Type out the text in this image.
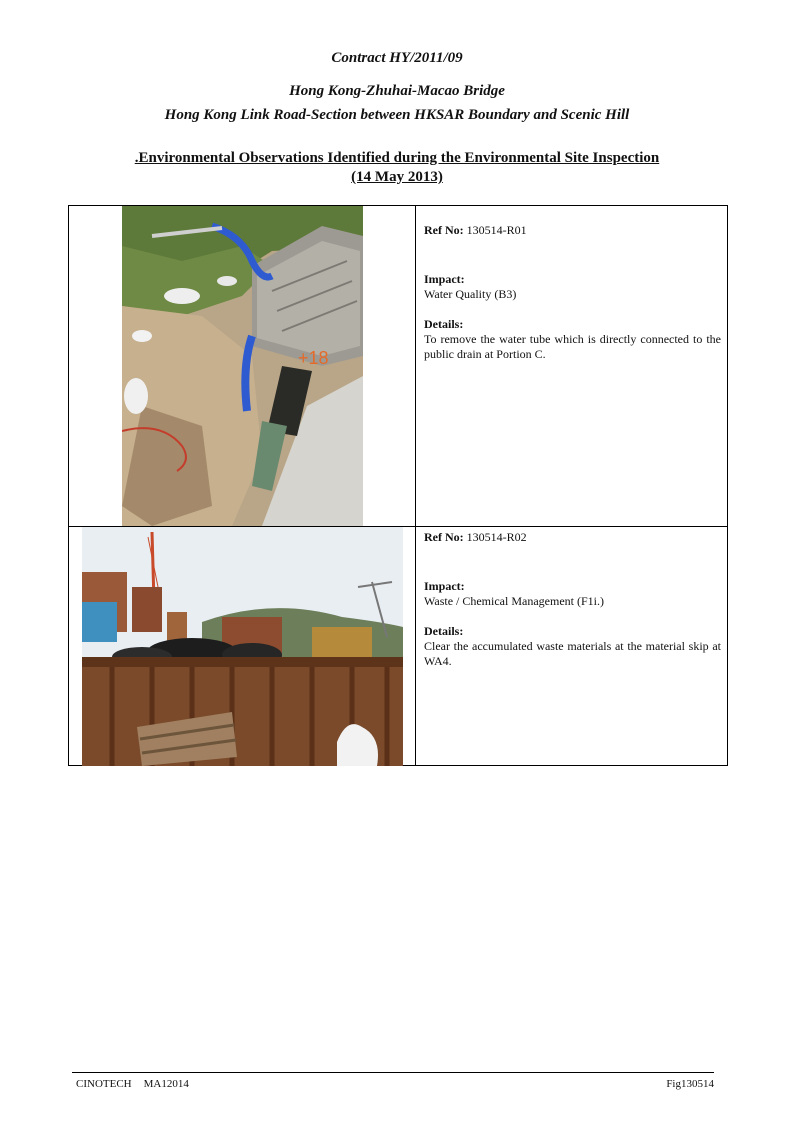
Contract HY/2011/09
Hong Kong-Zhuhai-Macao Bridge
Hong Kong Link Road-Section between HKSAR Boundary and Scenic Hill
.Environmental Observations Identified during the Environmental Site Inspection
(14 May 2013)
+18
Ref No: 130514-R01
Impact:
Water Quality (B3)
Details:
To remove the water tube which is directly connected to the public drain at Portion C.
Ref No: 130514-R02
Impact:
Waste / Chemical Management (F1i.)
Details:
Clear the accumulated waste materials at the material skip at WA4.
CINOTECH MA12014	Fig130514
